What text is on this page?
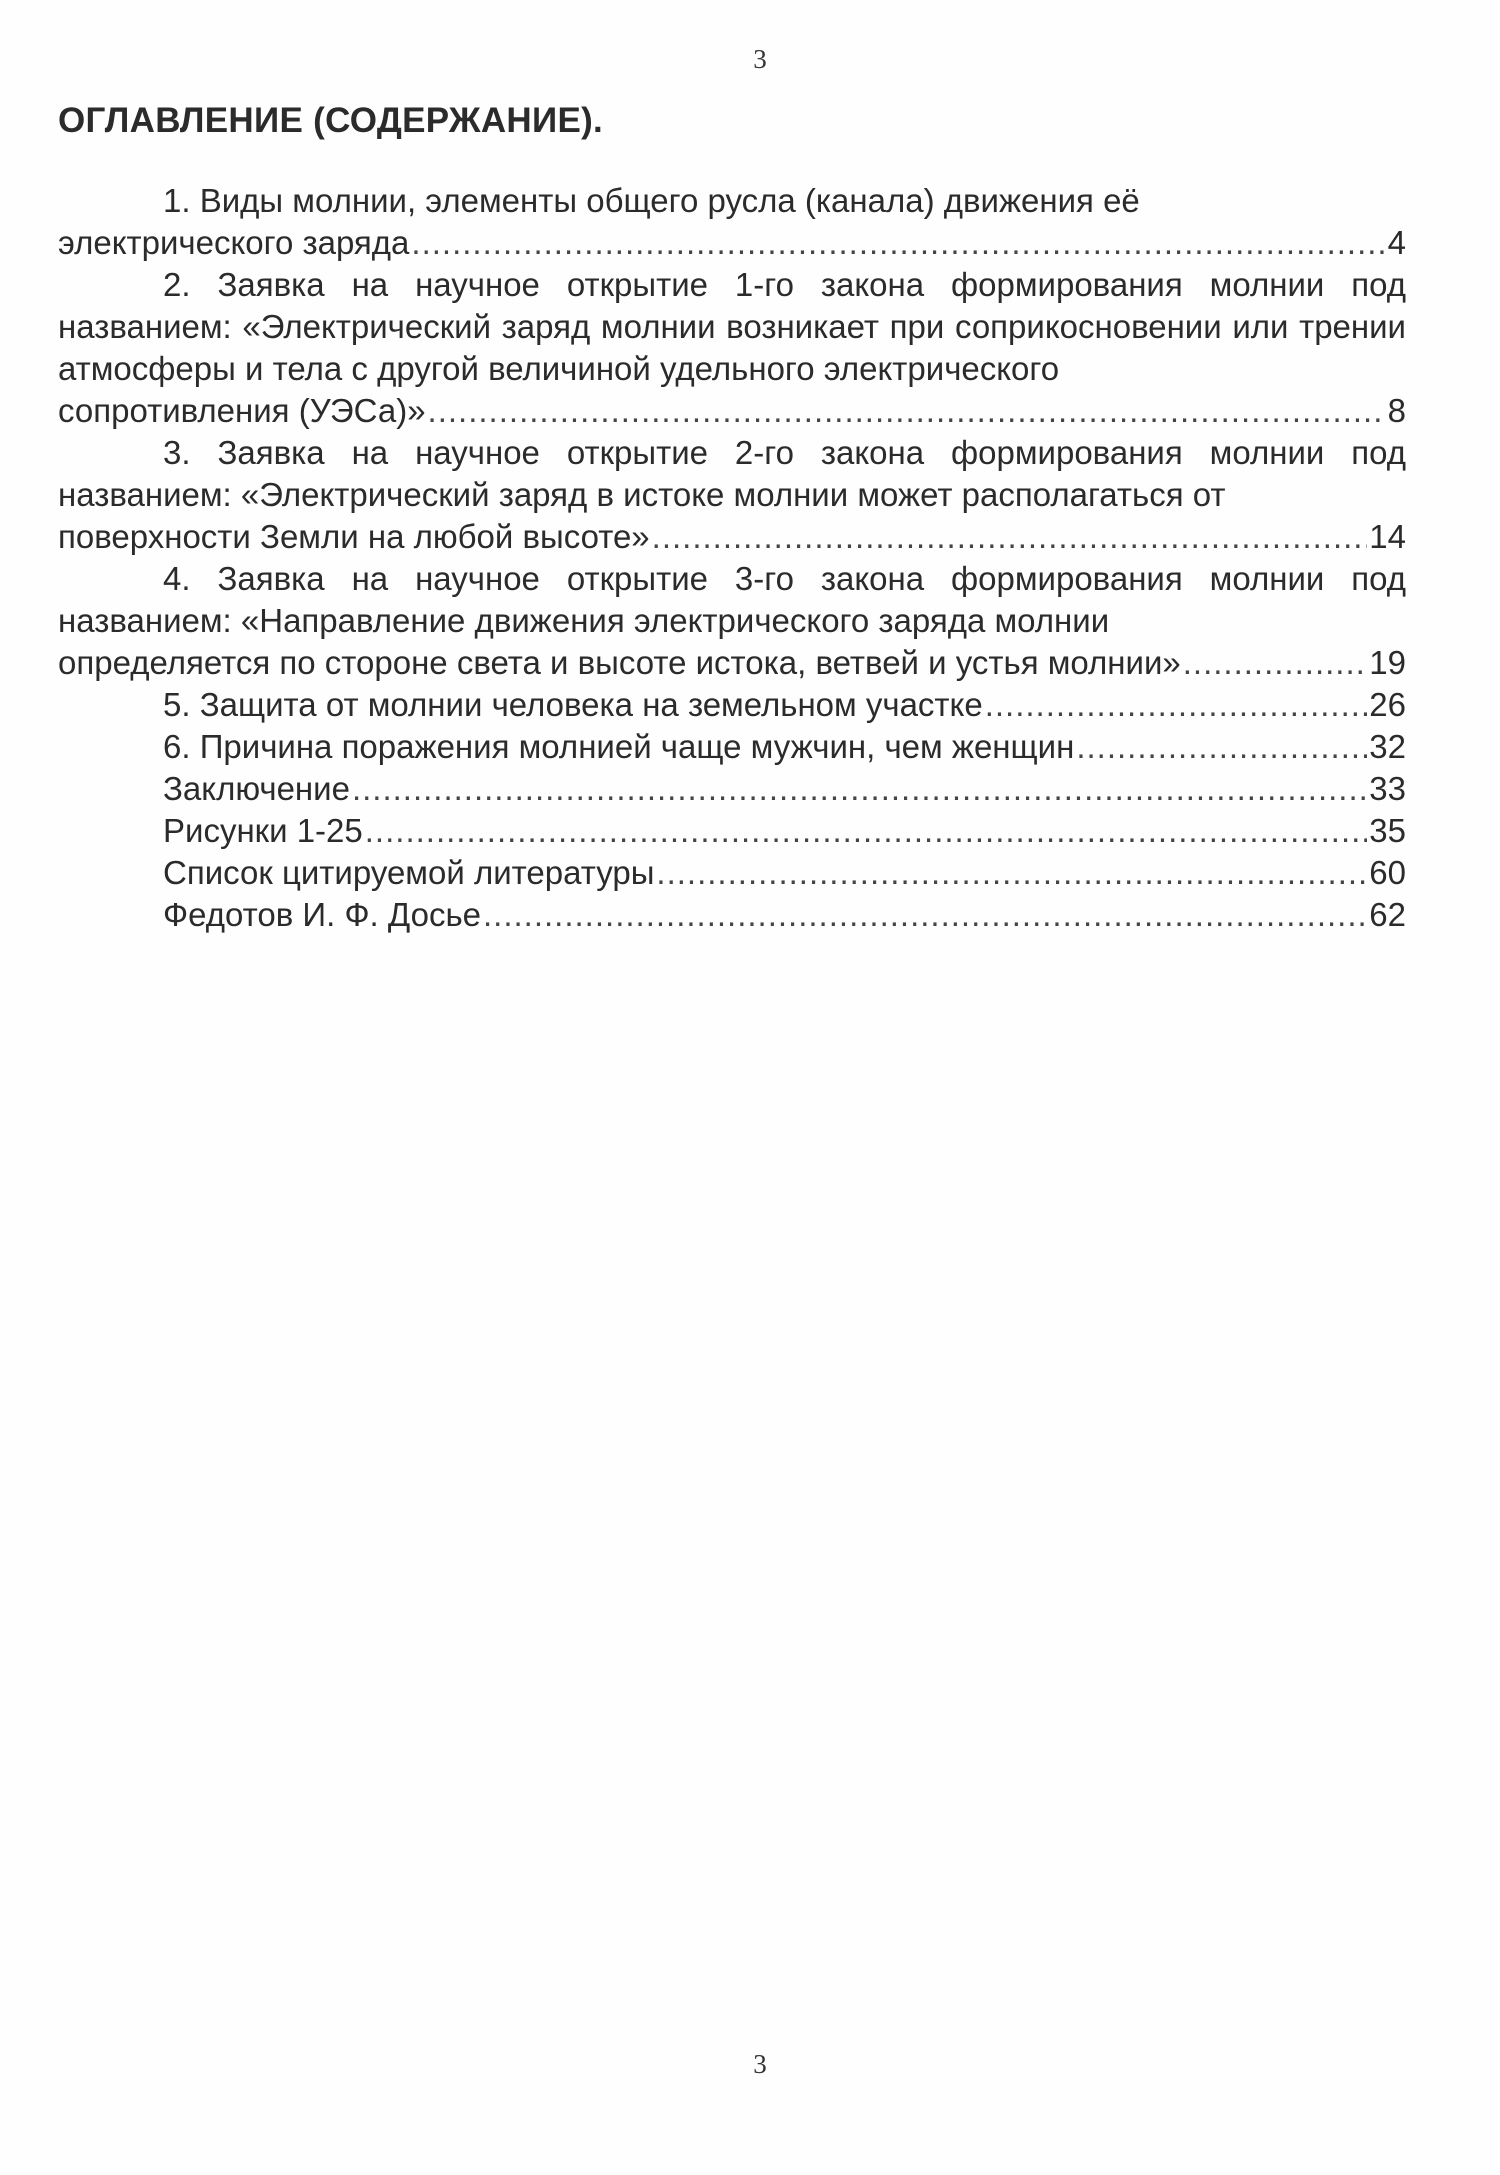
3
ОГЛАВЛЕНИЕ (СОДЕРЖАНИЕ).
1. Виды молнии, элементы общего русла (канала) движения её
электрического заряда .....	4
2. Заявка на научное открытие 1-го закона формирования молнии под названием: «Электрический заряд молнии возникает при соприкосновении или трении атмосферы и тела с другой величиной удельного электрического
сопротивления (УЭСа)» .....	8
3. Заявка на научное открытие 2-го закона формирования молнии под названием: «Электрический заряд в истоке молнии может располагаться от
поверхности Земли на любой высоте» .....	14
4. Заявка на научное открытие 3-го закона формирования молнии под названием: «Направление движения электрического заряда молнии
определяется по стороне света и высоте истока, ветвей и устья молнии» .....	19
5. Защита от молнии человека на земельном участке .....	26
6. Причина поражения молнией чаще мужчин, чем женщин .....	32
Заключение .....	33
Рисунки 1-25 .....	35
Список цитируемой литературы .....	60
Федотов И. Ф. Досье .....	62
3
